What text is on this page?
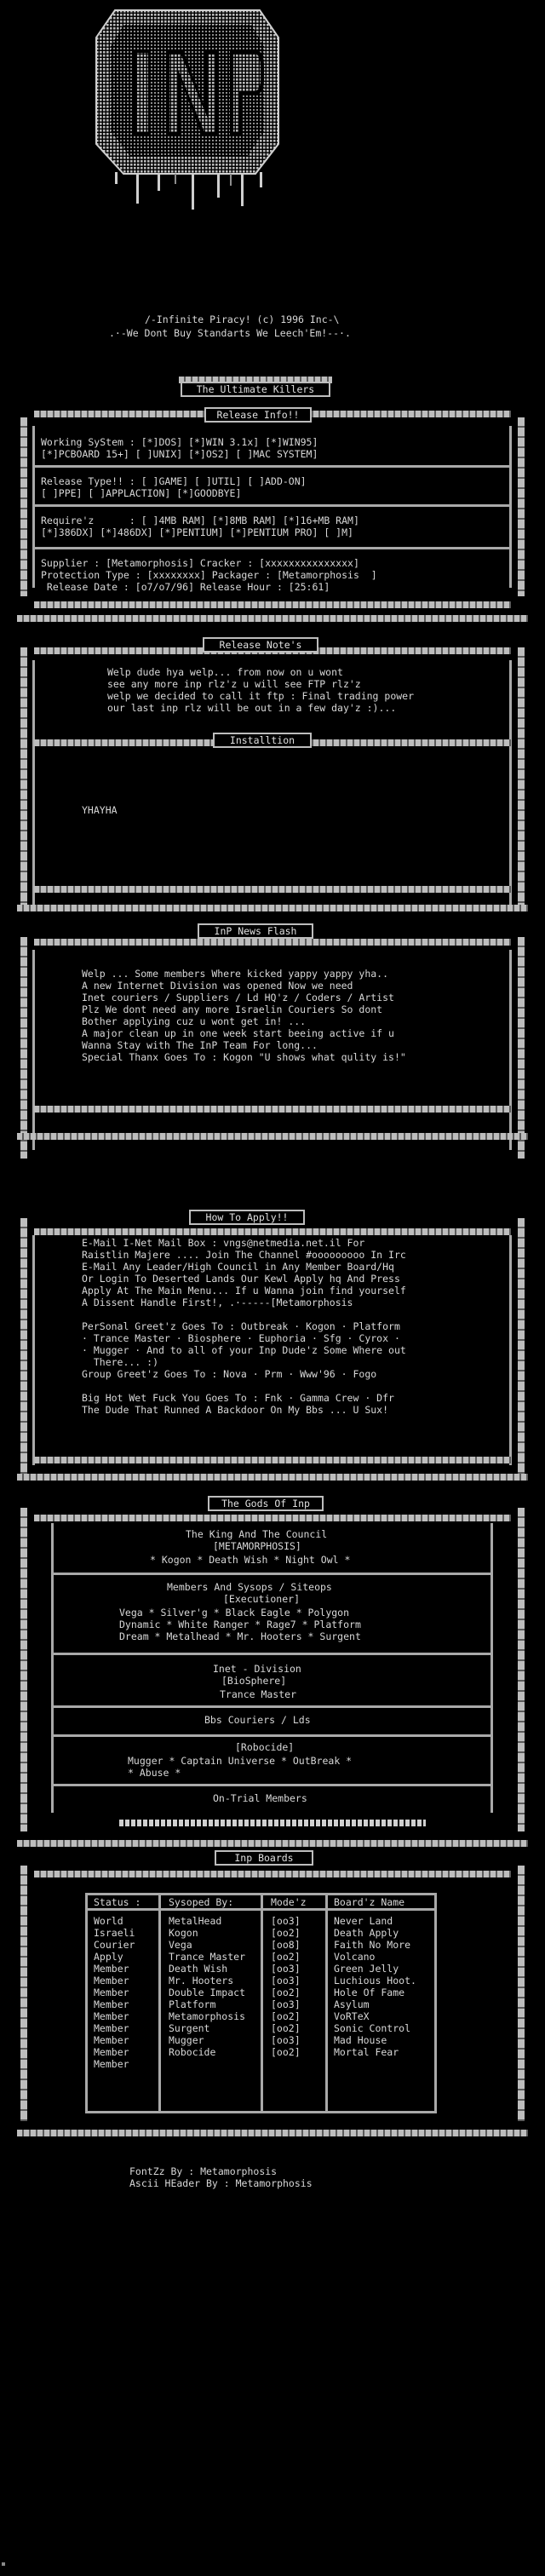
/-Infinite Piracy! (c) 1996 Inc-\
.·-We Dont Buy Standarts We Leech'Em!--·.
The Ultimate Killers
Release Info!!
Working SyStem : [*]DOS] [*]WIN 3.1x] [*]WIN95]
[*]PCBOARD 15+] [ ]UNIX] [*]OS2] [ ]MAC SYSTEM]
Release Type!! : [ ]GAME] [ ]UTIL] [ ]ADD-ON]
[ ]PPE] [ ]APPLACTION] [*]GOODBYE]
Require'z      : [ ]4MB RAM] [*]8MB RAM] [*]16+MB RAM]
[*]386DX] [*]486DX] [*]PENTIUM] [*]PENTIUM PRO] [ ]M]
Supplier : [Metamorphosis] Cracker : [xxxxxxxxxxxxxxx]
Protection Type : [xxxxxxxx] Packager : [Metamorphosis  ]
Release Date : [o7/o7/96] Release Hour : [25:61]
Release Note's
Welp dude hya welp... from now on u wont
see any more inp rlz'z u will see FTP rlz'z
welp we decided to call it ftp : Final trading power
our last inp rlz will be out in a few day'z :)...
Installtion
YHAYHA
InP News Flash
Welp ... Some members Where kicked yappy yappy yha..
A new Internet Division was opened Now we need
Inet couriers / Suppliers / Ld HQ'z / Coders / Artist
Plz We dont need any more Israelin Couriers So dont
Bother applying cuz u wont get in! ...
A major clean up in one week start beeing active if u
Wanna Stay with The InP Team For long...
Special Thanx Goes To : Kogon "U shows what qulity is!"
How To Apply!!
E-Mail I-Net Mail Box : vngs@netmedia.net.il For
Raistlin Majere .... Join The Channel #ooooooooo In Irc
E-Mail Any Leader/High Council in Any Member Board/Hq
Or Login To Deserted Lands Our Kewl Apply hq And Press
Apply At The Main Menu... If u Wanna join find yourself
A Dissent Handle First!, .·-----[Metamorphosis

PerSonal Greet'z Goes To : Outbreak · Kogon · Platform
· Trance Master · Biosphere · Euphoria · Sfg · Cyrox ·
· Mugger · And to all of your Inp Dude'z Some Where out
There... :)
Group Greet'z Goes To : Nova · Prm · Www'96 · Fogo

Big Hot Wet Fuck You Goes To : Fnk · Gamma Crew · Dfr
The Dude That Runned A Backdoor On My Bbs ... U Sux!
The Gods Of Inp
The King And The Council
[METAMORPHOSIS]
* Kogon * Death Wish * Night Owl *
Members And Sysops / Siteops
[Executioner]
Vega * Silver'g * Black Eagle * Polygon
Dynamic * White Ranger * Rage7 * Platform
Dream * Metalhead * Mr. Hooters * Surgent
Inet - Division
[BioSphere]
Trance Master
Bbs Couriers / Lds
[Robocide]
Mugger * Captain Universe * OutBreak *
* Abuse *
On-Trial Members
Inp Boards
Status :	Sysoped By:	Mode'z	Board'z Name
World	MetalHead	[oo3]	Never Land
Israeli	Kogon	[oo2]	Death Apply
Courier	Vega	[oo8]	Faith No More
Apply	Trance Master	[oo2]	Volcano
Member	Death Wish	[oo3]	Green Jelly
Member	Mr. Hooters	[oo3]	Luchious Hoot.
Member	Double Impact	[oo2]	Hole Of Fame
Member	Platform	[oo3]	Asylum
Member	Metamorphosis	[oo2]	VoRTeX
Member	Surgent	[oo2]	Sonic Control
Member	Mugger	[oo3]	Mad House
Member	Robocide	[oo2]	Mortal Fear
Member
FontZz By : Metamorphosis
Ascii HEader By : Metamorphosis
